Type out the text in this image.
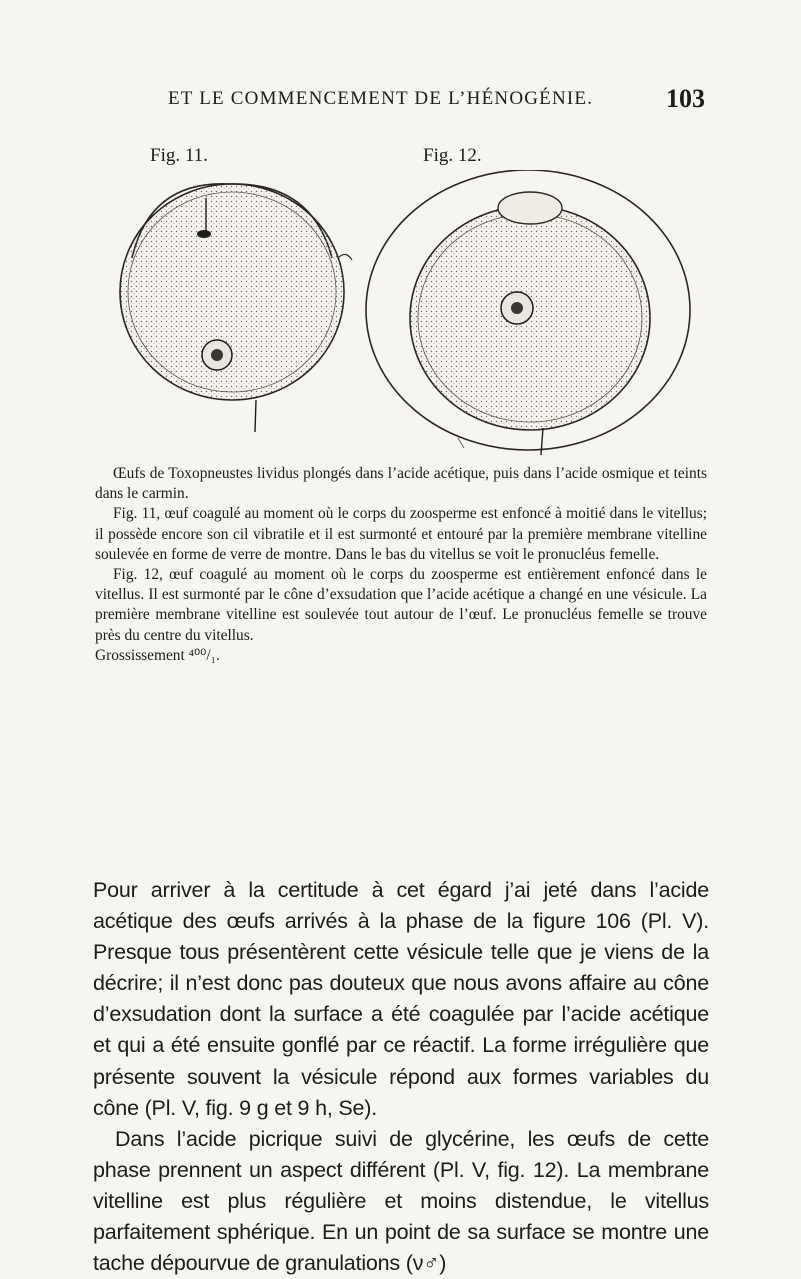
ET LE COMMENCEMENT DE L’HÉNOGÉNIE.	103
Fig. 11.	Fig. 12.

Œufs de Toxopneustes lividus plongés dans l’acide acétique, puis dans l’acide osmique et teints dans le carmin.

Fig. 11, œuf coagulé au moment où le corps du zoosperme est enfoncé à moitié dans le vitellus; il possède encore son cil vibratile et il est surmonté et entouré par la première membrane vitelline soulevée en forme de verre de montre. Dans le bas du vitellus se voit le pronucléus femelle.

Fig. 12, œuf coagulé au moment où le corps du zoosperme est entièrement enfoncé dans le vitellus. Il est surmonté par le cône d’exsudation que l’acide acétique a changé en une vésicule. La première membrane vitelline est soulevée tout autour de l’œuf. Le pronucléus femelle se trouve près du centre du vitellus.

Grossissement ⁴⁰⁰/₁.

Pour arriver à la certitude à cet égard j’ai jeté dans l’acide acétique des œufs arrivés à la phase de la figure 106 (Pl. V). Presque tous présentèrent cette vésicule telle que je viens de la décrire; il n’est donc pas douteux que nous avons affaire au cône d’exsudation dont la surface a été coagulée par l’acide acétique et qui a été ensuite gonflé par ce réactif. La forme irrégulière que présente souvent la vésicule répond aux formes variables du cône (Pl. V, fig. 9 g et 9 h, Se).

Dans l’acide picrique suivi de glycérine, les œufs de cette phase prennent un aspect différent (Pl. V, fig. 12). La membrane vitelline est plus régulière et moins distendue, le vitellus parfaitement sphérique. En un point de sa surface se montre une tache dépourvue de granulations (ν♂)
